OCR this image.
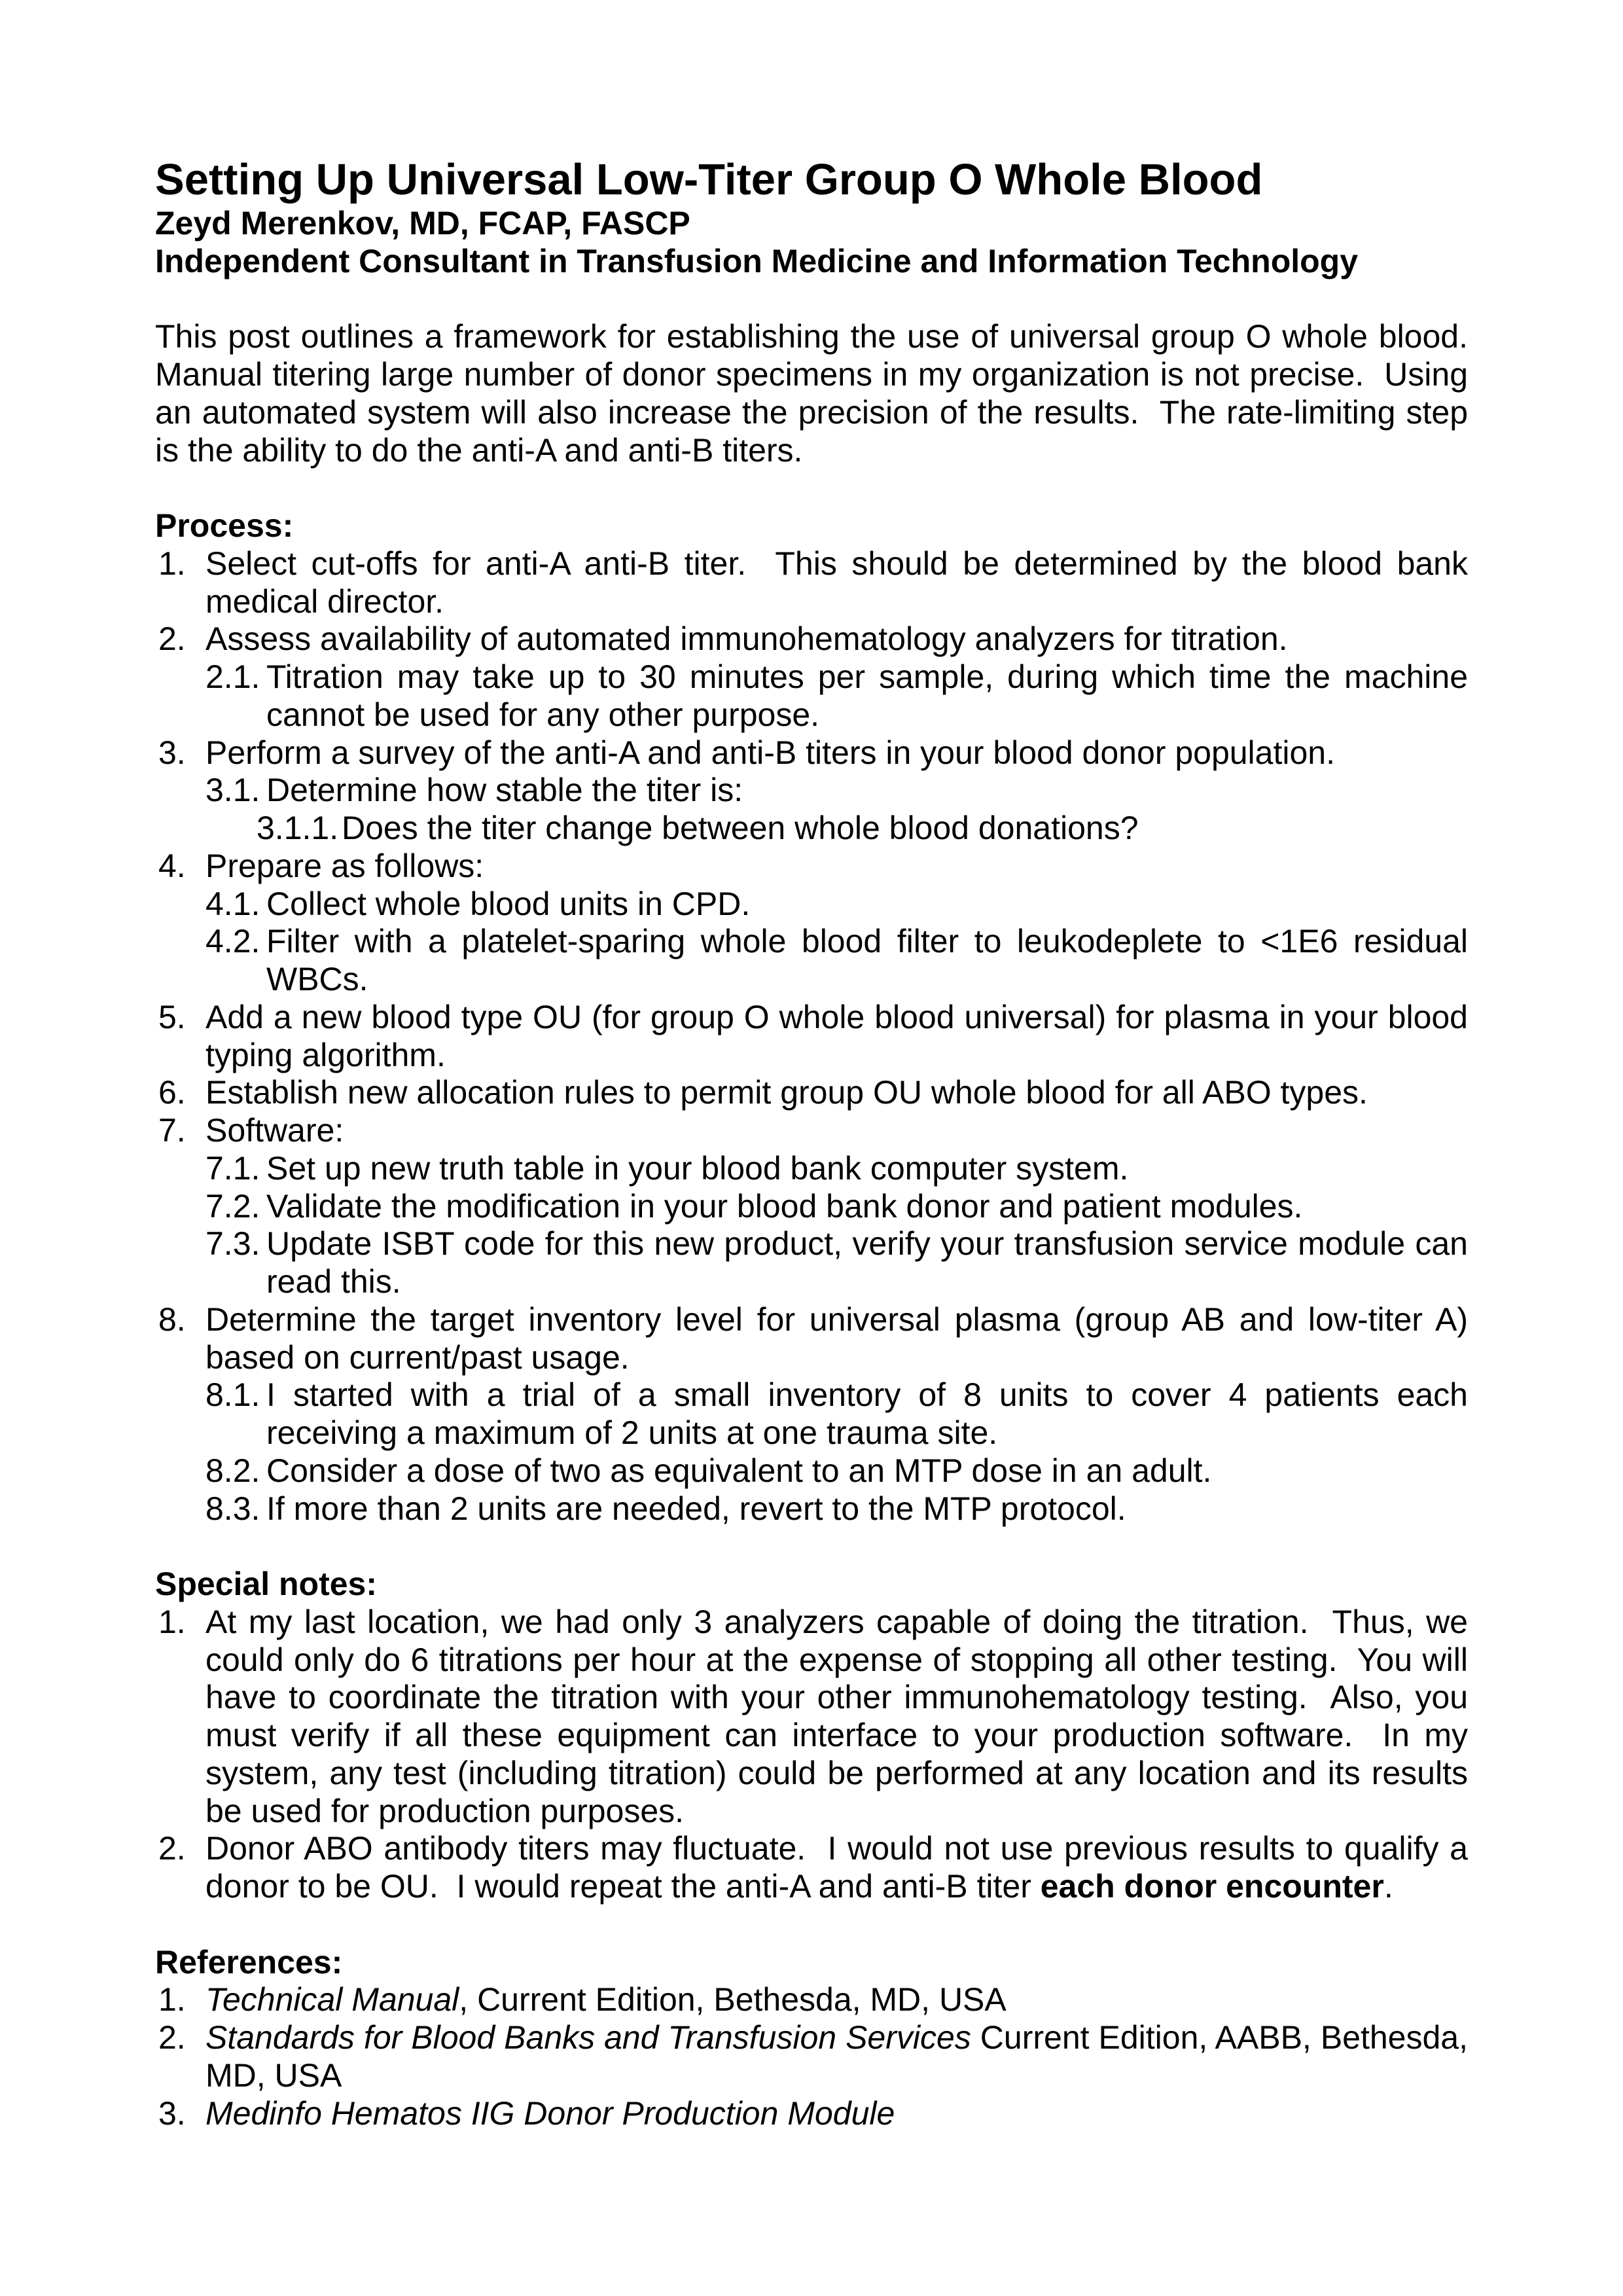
Setting Up Universal Low-Titer Group O Whole Blood
Zeyd Merenkov, MD, FCAP, FASCP
Independent Consultant in Transfusion Medicine and Information Technology

This post outlines a framework for establishing the use of universal group O whole blood. Manual titering large number of donor specimens in my organization is not precise.  Using an automated system will also increase the precision of the results.  The rate-limiting step is the ability to do the anti-A and anti-B titers.

Process:
1. Select cut-offs for anti-A anti-B titer.  This should be determined by the blood bank medical director.
2. Assess availability of automated immunohematology analyzers for titration.
2.1. Titration may take up to 30 minutes per sample, during which time the machine cannot be used for any other purpose.
3. Perform a survey of the anti-A and anti-B titers in your blood donor population.
3.1. Determine how stable the titer is:
3.1.1. Does the titer change between whole blood donations?
4. Prepare as follows:
4.1. Collect whole blood units in CPD.
4.2. Filter with a platelet-sparing whole blood filter to leukodeplete to <1E6 residual WBCs.
5. Add a new blood type OU (for group O whole blood universal) for plasma in your blood typing algorithm.
6. Establish new allocation rules to permit group OU whole blood for all ABO types.
7. Software:
7.1. Set up new truth table in your blood bank computer system.
7.2. Validate the modification in your blood bank donor and patient modules.
7.3. Update ISBT code for this new product, verify your transfusion service module can read this.
8. Determine the target inventory level for universal plasma (group AB and low-titer A) based on current/past usage.
8.1. I started with a trial of a small inventory of 8 units to cover 4 patients each receiving a maximum of 2 units at one trauma site.
8.2. Consider a dose of two as equivalent to an MTP dose in an adult.
8.3. If more than 2 units are needed, revert to the MTP protocol.
Special notes:
1. At my last location, we had only 3 analyzers capable of doing the titration.  Thus, we could only do 6 titrations per hour at the expense of stopping all other testing.  You will have to coordinate the titration with your other immunohematology testing.  Also, you must verify if all these equipment can interface to your production software.  In my system, any test (including titration) could be performed at any location and its results be used for production purposes.
2. Donor ABO antibody titers may fluctuate.  I would not use previous results to qualify a donor to be OU.  I would repeat the anti-A and anti-B titer each donor encounter.
References:
1. Technical Manual, Current Edition, Bethesda, MD, USA
2. Standards for Blood Banks and Transfusion Services Current Edition, AABB, Bethesda, MD, USA
3. Medinfo Hematos IIG Donor Production Module
